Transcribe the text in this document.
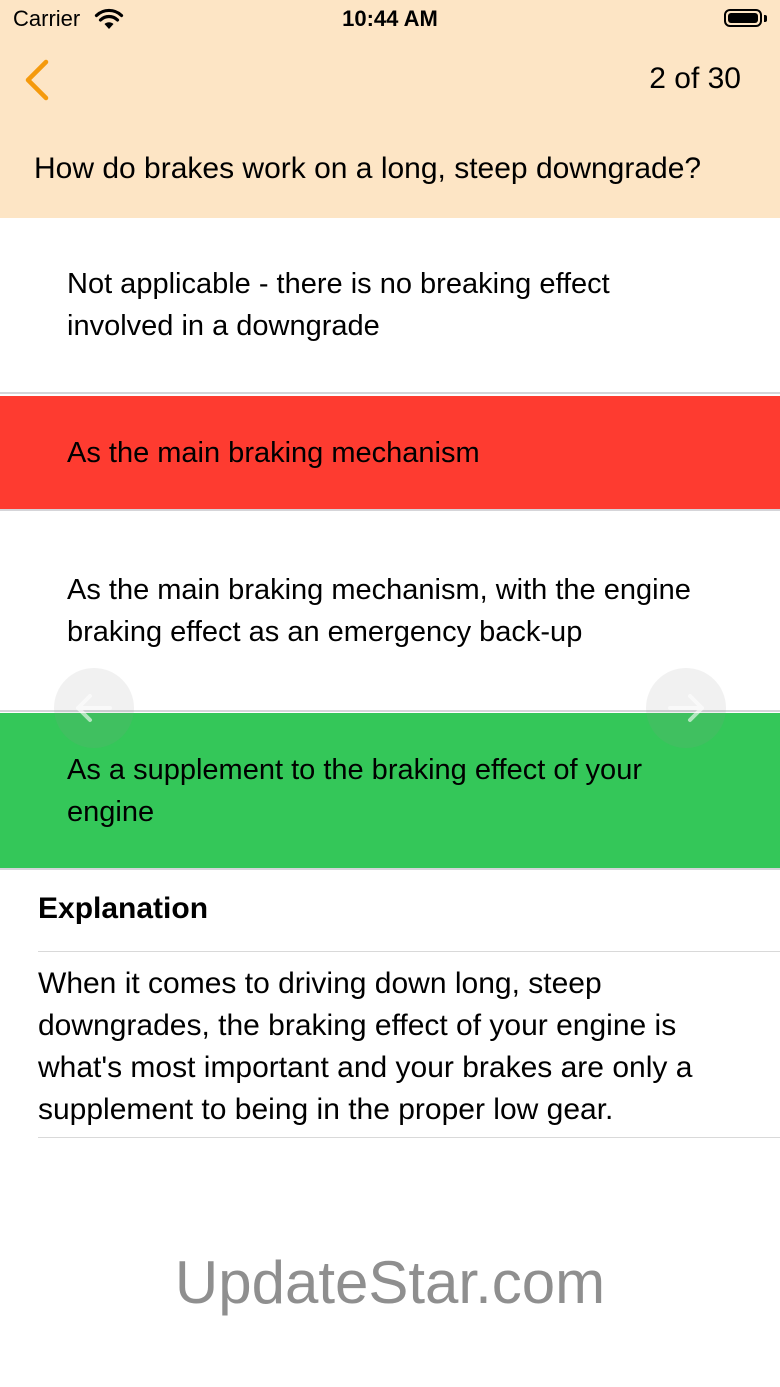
Carrier	10:44 AM
2 of 30
How do brakes work on a long, steep downgrade?
Not applicable - there is no breaking effect involved in a downgrade
As the main braking mechanism
As the main braking mechanism, with the engine braking effect as an emergency back-up
As a supplement to the braking effect of your engine
Explanation
When it comes to driving down long, steep downgrades, the braking effect of your engine is what's most important and your brakes are only a supplement to being in the proper low gear.
UpdateStar.com
